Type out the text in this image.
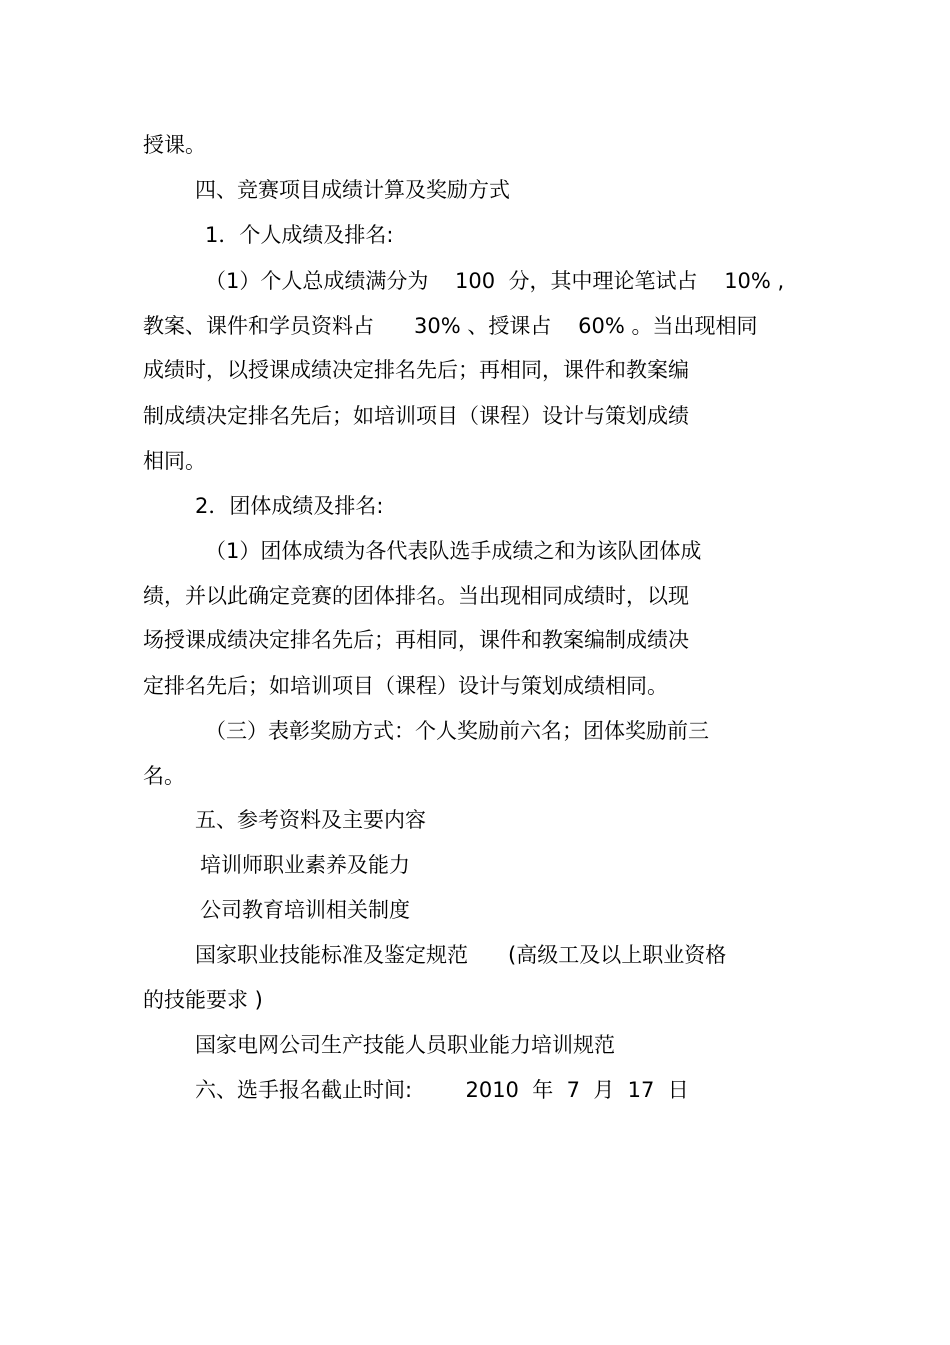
授课。

四、竞赛项目成绩计算及奖励方式

1．个人成绩及排名:

（1）个人总成绩满分为    100  分，其中理论笔试占    10% ,

教案、课件和学员资料占      30% 、授课占    60% 。当出现相同

成绩时，以授课成绩决定排名先后；再相同，课件和教案编

制成绩决定排名先后；如培训项目（课程）设计与策划成绩

相同。

2．团体成绩及排名:

（1）团体成绩为各代表队选手成绩之和为该队团体成

绩，并以此确定竞赛的团体排名。当出现相同成绩时，以现

场授课成绩决定排名先后；再相同，课件和教案编制成绩决

定排名先后；如培训项目（课程）设计与策划成绩相同。

（三）表彰奖励方式：个人奖励前六名；团体奖励前三

名。

五、参考资料及主要内容

培训师职业素养及能力

公司教育培训相关制度

国家职业技能标准及鉴定规范      (高级工及以上职业资格

的技能要求 )

国家电网公司生产技能人员职业能力培训规范

六、选手报名截止时间:        2010  年  7  月  17  日
